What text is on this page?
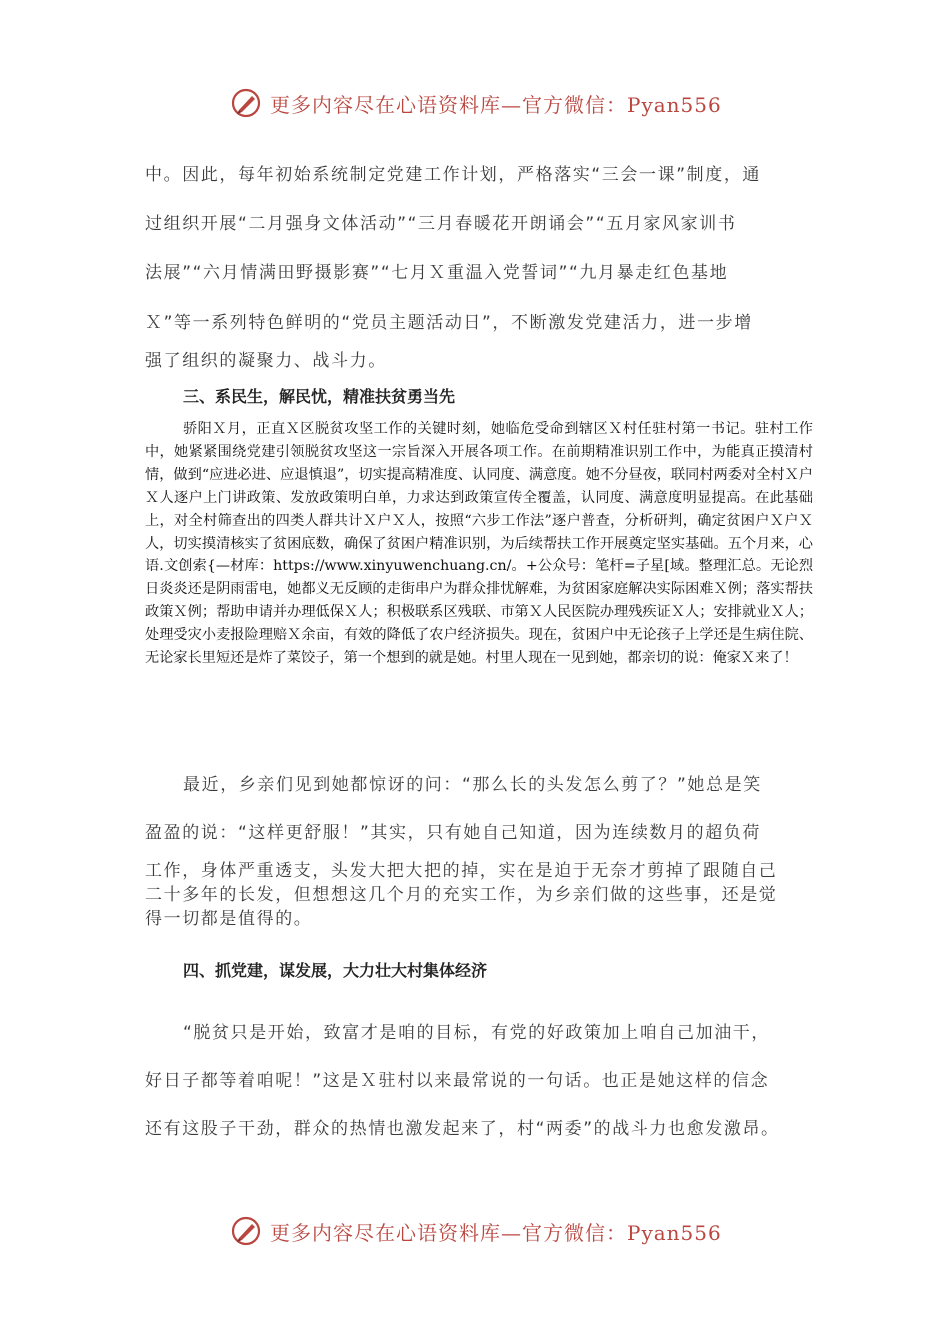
更多内容尽在心语资料库—官方微信：Pyan556

中。因此，每年初始系统制定党建工作计划，严格落实“三会一课”制度，通

过组织开展“二月强身文体活动”“三月春暖花开朗诵会”“五月家风家训书

法展”“六月情满田野摄影赛”“七月Ｘ重温入党誓词”“九月暴走红色基地

Ｘ”等一系列特色鲜明的“党员主题活动日”，不断激发党建活力，进一步增

强了组织的凝聚力、战斗力。

三、系民生，解民忧，精准扶贫勇当先

骄阳Ｘ月，正直Ｘ区脱贫攻坚工作的关键时刻，她临危受命到辖区Ｘ村任驻村第一书记。驻村工作中，她紧紧围绕党建引领脱贫攻坚这一宗旨深入开展各项工作。在前期精准识别工作中，为能真正摸清村情，做到“应进必进、应退慎退”，切实提高精准度、认同度、满意度。她不分昼夜，联同村两委对全村Ｘ户Ｘ人逐户上门讲政策、发放政策明白单，力求达到政策宣传全覆盖，认同度、满意度明显提高。在此基础上，对全村筛查出的四类人群共计Ｘ户Ｘ人，按照“六步工作法”逐户普查，分析研判，确定贫困户Ｘ户Ｘ人，切实摸清核实了贫困底数，确保了贫困户精准识别，为后续帮扶工作开展奠定坚实基础。五个月来，心语.文创索{—材库：https://www.xinyuwenchuang.cn/。+公众号：笔杆=子星[域。整理汇总。无论烈日炎炎还是阴雨雷电，她都义无反顾的走街串户为群众排忧解难，为贫困家庭解决实际困难Ｘ例；落实帮扶政策Ｘ例；帮助申请并办理低保Ｘ人；积极联系区残联、市第Ｘ人民医院办理残疾证Ｘ人；安排就业Ｘ人；处理受灾小麦报险理赔Ｘ余亩，有效的降低了农户经济损失。现在，贫困户中无论孩子上学还是生病住院、无论家长里短还是炸了菜饺子，第一个想到的就是她。村里人现在一见到她，都亲切的说：俺家Ｘ来了！

最近，乡亲们见到她都惊讶的问：“那么长的头发怎么剪了？”她总是笑

盈盈的说：“这样更舒服！”其实，只有她自己知道，因为连续数月的超负荷

工作，身体严重透支，头发大把大把的掉，实在是迫于无奈才剪掉了跟随自己

二十多年的长发，但想想这几个月的充实工作，为乡亲们做的这些事，还是觉

得一切都是值得的。

四、抓党建，谋发展，大力壮大村集体经济

“脱贫只是开始，致富才是咱的目标，有党的好政策加上咱自己加油干，

好日子都等着咱呢！”这是Ｘ驻村以来最常说的一句话。也正是她这样的信念

还有这股子干劲，群众的热情也激发起来了，村“两委”的战斗力也愈发激昂。

更多内容尽在心语资料库—官方微信：Pyan556
